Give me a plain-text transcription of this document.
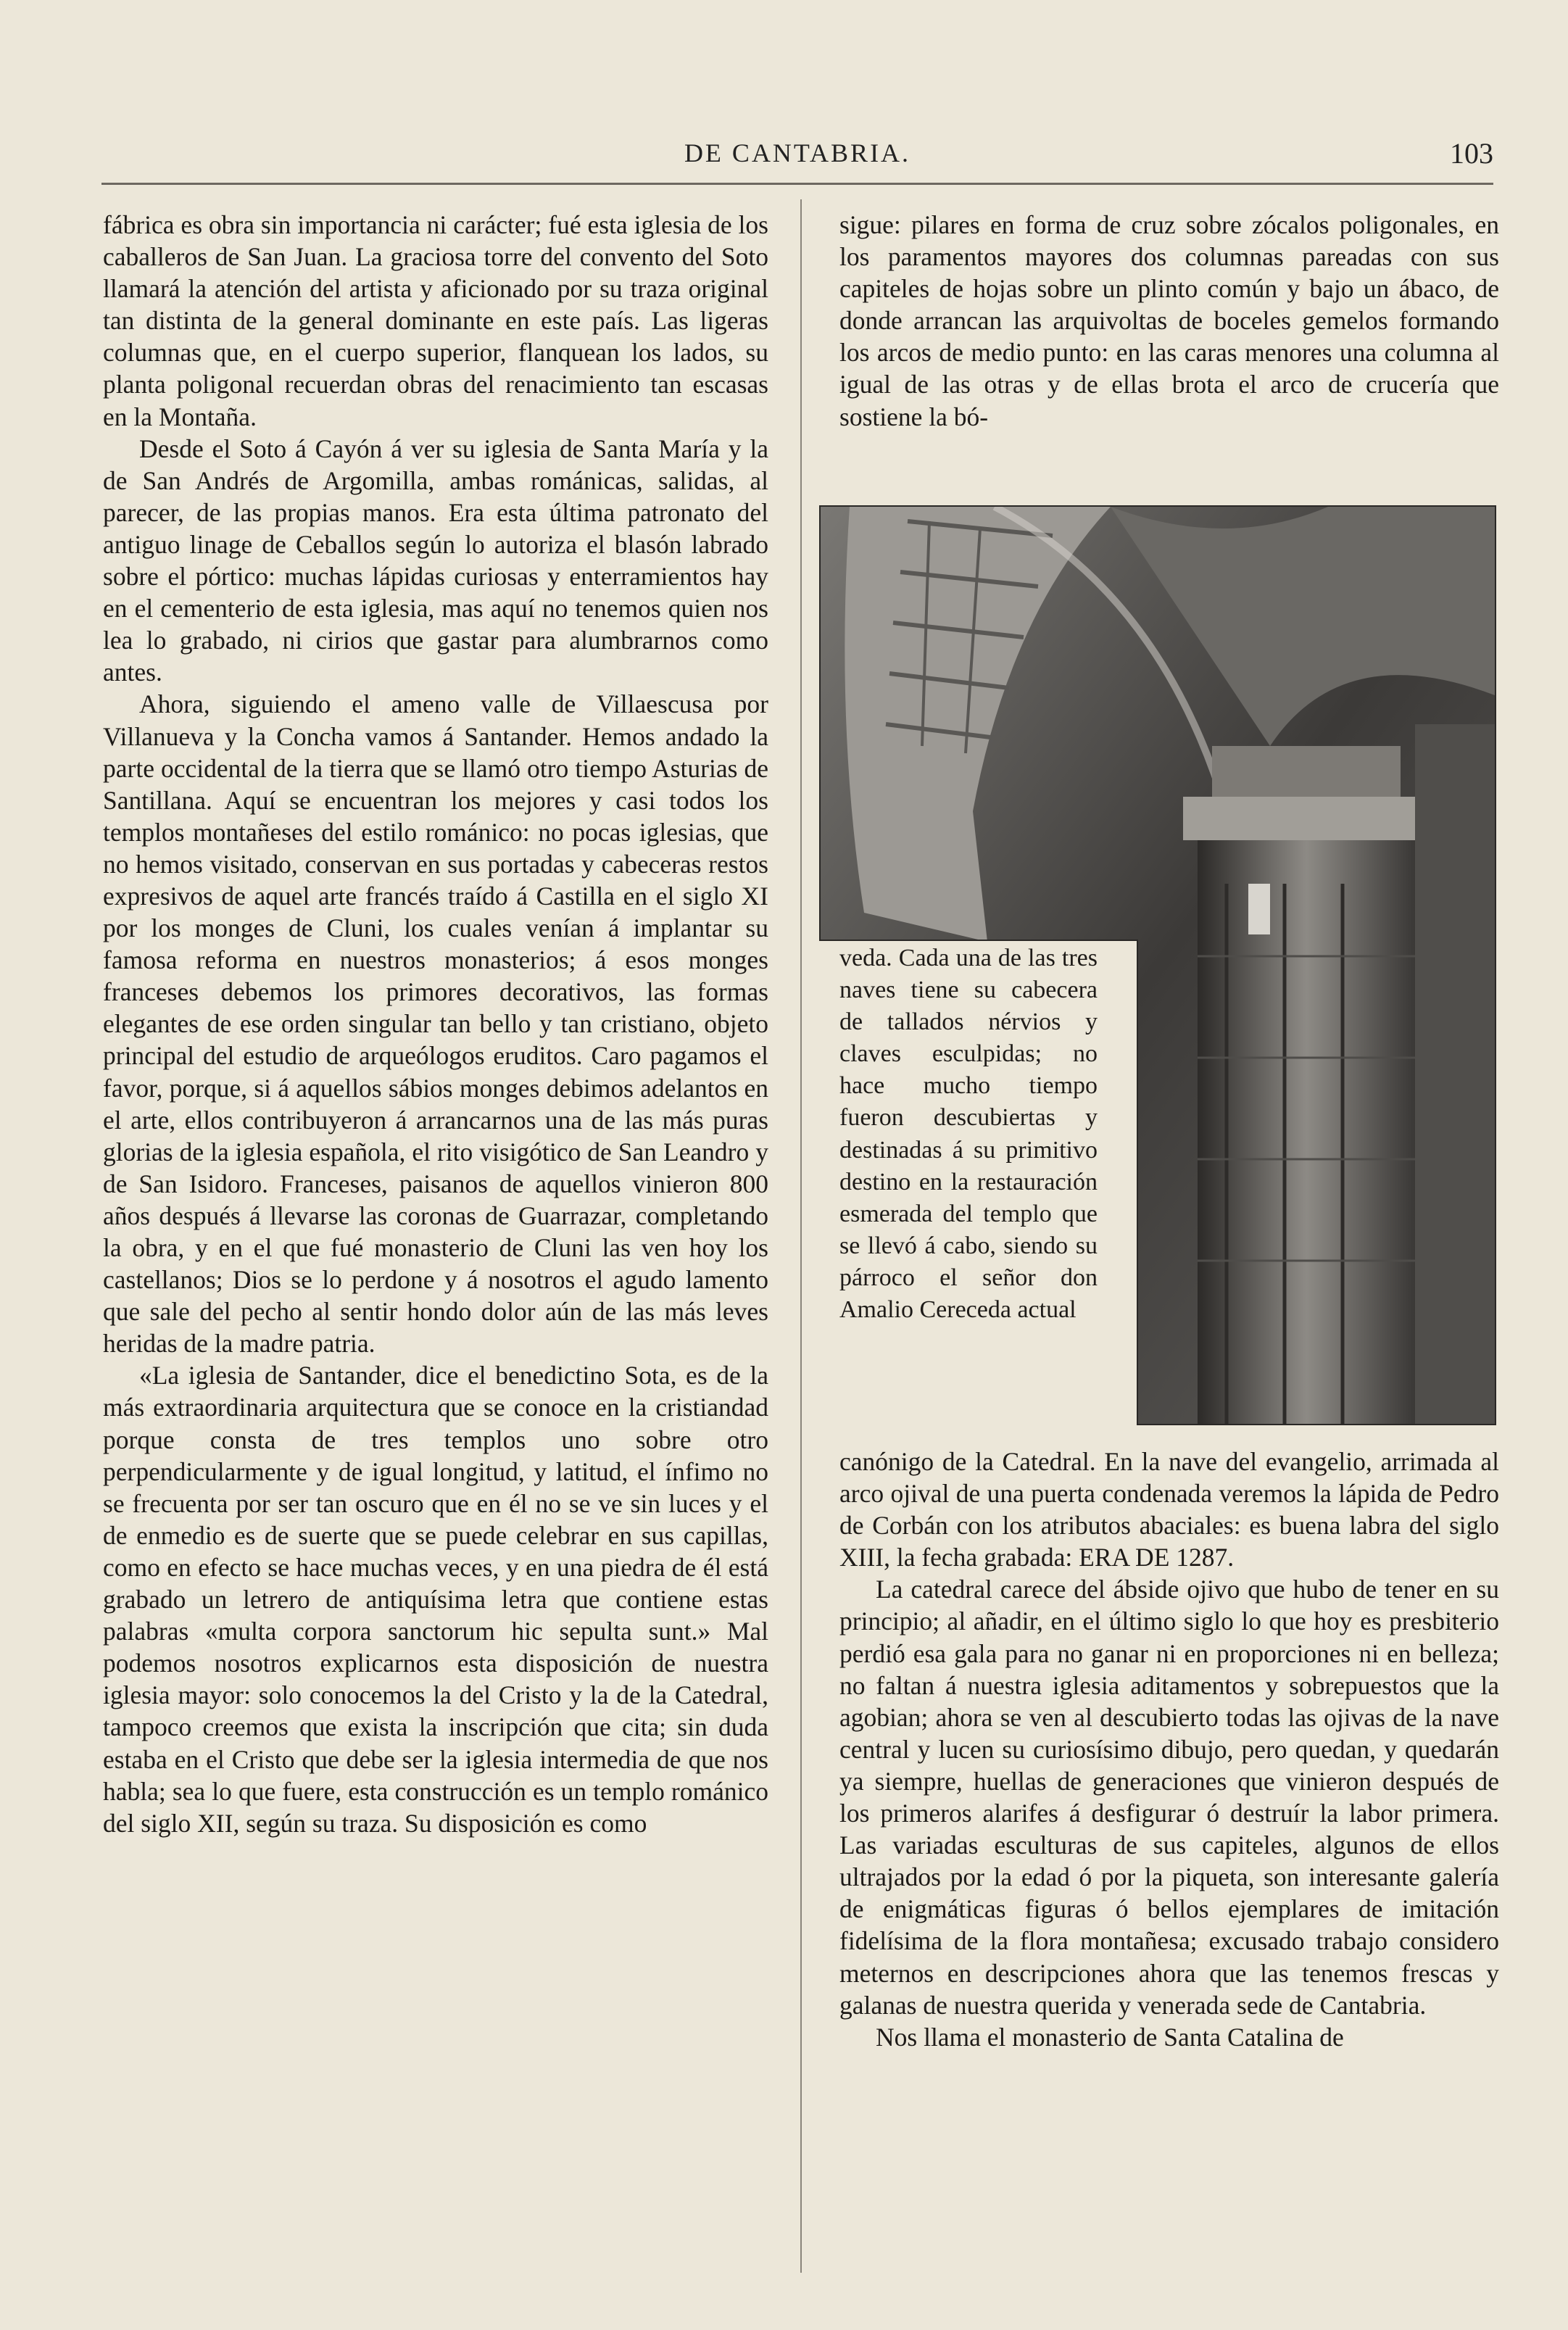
DE CANTABRIA.	103

fábrica es obra sin importancia ni carácter; fué esta iglesia de los caballeros de San Juan. La graciosa torre del convento del Soto llamará la atención del artista y aficionado por su traza original tan distinta de la general dominante en este país. Las ligeras columnas que, en el cuerpo superior, flanquean los lados, su planta poligonal recuerdan obras del renacimiento tan escasas en la Montaña.

Desde el Soto á Cayón á ver su iglesia de Santa María y la de San Andrés de Argomilla, ambas románicas, salidas, al parecer, de las propias manos. Era esta última patronato del antiguo linage de Ceballos según lo autoriza el blasón labrado sobre el pórtico: muchas lápidas curiosas y enterramientos hay en el cementerio de esta iglesia, mas aquí no tenemos quien nos lea lo grabado, ni cirios que gastar para alumbrarnos como antes.

Ahora, siguiendo el ameno valle de Villaescusa por Villanueva y la Concha vamos á Santander. Hemos andado la parte occidental de la tierra que se llamó otro tiempo Asturias de Santillana. Aquí se encuentran los mejores y casi todos los templos montañeses del estilo románico: no pocas iglesias, que no hemos visitado, conservan en sus portadas y cabeceras restos expresivos de aquel arte francés traído á Castilla en el siglo XI por los monges de Cluni, los cuales venían á implantar su famosa reforma en nuestros monasterios; á esos monges franceses debemos los primores decorativos, las formas elegantes de ese orden singular tan bello y tan cristiano, objeto principal del estudio de arqueólogos eruditos. Caro pagamos el favor, porque, si á aquellos sábios monges debimos adelantos en el arte, ellos contribuyeron á arrancarnos una de las más puras glorias de la iglesia española, el rito visigótico de San Leandro y de San Isidoro. Franceses, paisanos de aquellos vinieron 800 años después á llevarse las coronas de Guarrazar, completando la obra, y en el que fué monasterio de Cluni las ven hoy los castellanos; Dios se lo perdone y á nosotros el agudo lamento que sale del pecho al sentir hondo dolor aún de las más leves heridas de la madre patria.

«La iglesia de Santander, dice el benedictino Sota, es de la más extraordinaria arquitectura que se conoce en la cristiandad porque consta de tres templos uno sobre otro perpendicularmente y de igual longitud, y latitud, el ínfimo no se frecuenta por ser tan oscuro que en él no se ve sin luces y el de enmedio es de suerte que se puede celebrar en sus capillas, como en efecto se hace muchas veces, y en una piedra de él está grabado un letrero de antiquísima letra que contiene estas palabras «multa corpora sanctorum hic sepulta sunt.» Mal podemos nosotros explicarnos esta disposición de nuestra iglesia mayor: solo conocemos la del Cristo y la de la Catedral, tampoco creemos que exista la inscripción que cita; sin duda estaba en el Cristo que debe ser la iglesia intermedia de que nos habla; sea lo que fuere, esta construcción es un templo románico del siglo XII, según su traza. Su disposición es como

sigue: pilares en forma de cruz sobre zócalos poligonales, en los paramentos mayores dos columnas pareadas con sus capiteles de hojas sobre un plinto común y bajo un ábaco, de donde arrancan las arquivoltas de boceles gemelos formando los arcos de medio punto: en las caras menores una columna al igual de las otras y de ellas brota el arco de crucería que sostiene la bó-

veda. Cada una de las tres naves tiene su cabecera de tallados nérvios y claves esculpidas; no hace mucho tiempo fueron descubiertas y destinadas á su primitivo destino en la restauración esmerada del templo que se llevó á cabo, siendo su párroco el señor don Amalio Cereceda actual

canónigo de la Catedral. En la nave del evangelio, arrimada al arco ojival de una puerta condenada veremos la lápida de Pedro de Corbán con los atributos abaciales: es buena labra del siglo XIII, la fecha grabada: ERA DE 1287.

La catedral carece del ábside ojivo que hubo de tener en su principio; al añadir, en el último siglo lo que hoy es presbiterio perdió esa gala para no ganar ni en proporciones ni en belleza; no faltan á nuestra iglesia aditamentos y sobrepuestos que la agobian; ahora se ven al descubierto todas las ojivas de la nave central y lucen su curiosísimo dibujo, pero quedan, y quedarán ya siempre, huellas de generaciones que vinieron después de los primeros alarifes á desfigurar ó destruír la labor primera. Las variadas esculturas de sus capiteles, algunos de ellos ultrajados por la edad ó por la piqueta, son interesante galería de enigmáticas figuras ó bellos ejemplares de imitación fidelísima de la flora montañesa; excusado trabajo considero meternos en descripciones ahora que las tenemos frescas y galanas de nuestra querida y venerada sede de Cantabria.

Nos llama el monasterio de Santa Catalina de
